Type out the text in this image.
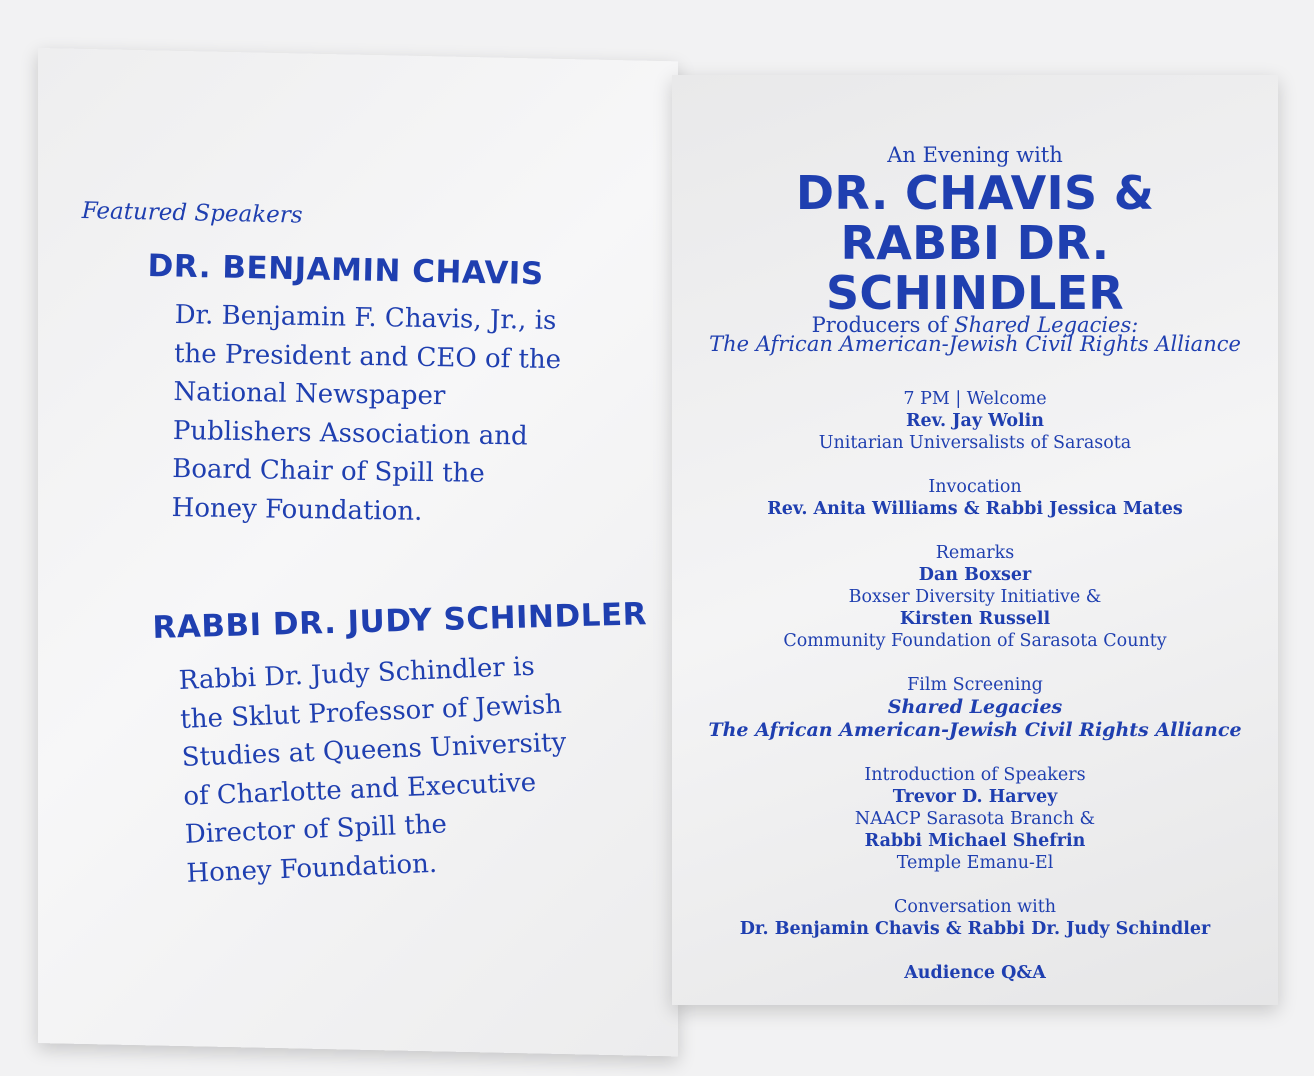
Featured Speakers
DR. BENJAMIN CHAVIS
Dr. Benjamin F. Chavis, Jr., is
the President and CEO of the
National Newspaper
Publishers Association and
Board Chair of Spill the
Honey Foundation.
RABBI DR. JUDY SCHINDLER
Rabbi Dr. Judy Schindler is
the Sklut Professor of Jewish
Studies at Queens University
of Charlotte and Executive
Director of Spill the
Honey Foundation.
An Evening with
DR. CHAVIS &
RABBI DR. SCHINDLER
Producers of Shared Legacies:
The African American-Jewish Civil Rights Alliance
7 PM | Welcome
Rev. Jay Wolin
Unitarian Universalists of Sarasota
Invocation
Rev. Anita Williams & Rabbi Jessica Mates
Remarks
Dan Boxser
Boxser Diversity Initiative &
Kirsten Russell
Community Foundation of Sarasota County
Film Screening
Shared Legacies
The African American-Jewish Civil Rights Alliance
Introduction of Speakers
Trevor D. Harvey
NAACP Sarasota Branch &
Rabbi Michael Shefrin
Temple Emanu-El
Conversation with
Dr. Benjamin Chavis & Rabbi Dr. Judy Schindler
Audience Q&A
